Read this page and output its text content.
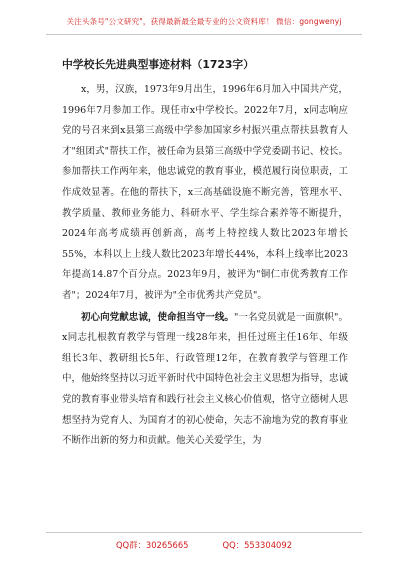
关注头条号"公文研究"，获得最新最全最专业的公文资料库！ 微信：gongwenyj
中学校长先进典型事迹材料（1723字）

x，男，汉族，1973年9月出生，1996年6月加入中国共产党，1996年7月参加工作。现任市x中学校长。2022年7月，x同志响应党的号召来到x县第三高级中学参加国家乡村振兴重点帮扶县教育人才"组团式"帮扶工作，被任命为县第三高级中学党委副书记、校长。参加帮扶工作两年来，他忠诚党的教育事业，模范履行岗位职责，工作成效显著。在他的帮扶下，x三高基础设施不断完善，管理水平、教学质量、教师业务能力、科研水平、学生综合素养等不断提升，2024年高考成绩再创新高，高考上特控线人数比2023年增长55%，本科以上上线人数比2023年增长44%，本科上线率比2023年提高14.87个百分点。2023年9月，被评为"铜仁市优秀教育工作者"；2024年7月，被评为"全市优秀共产党员"。

初心向党献忠诚，使命担当守一线。"一名党员就是一面旗帜"。x同志扎根教育教学与管理一线28年来，担任过班主任16年、年级组长3年、教研组长5年、行政管理12年，在教育教学与管理工作中，他始终坚持以习近平新时代中国特色社会主义思想为指导，忠诚党的教育事业带头培育和践行社会主义核心价值观，恪守立德树人思想坚持为党育人、为国育才的初心使命，矢志不渝地为党的教育事业不断作出新的努力和贡献。他关心关爱学生，为

QQ群：30265665	QQ：553304092
